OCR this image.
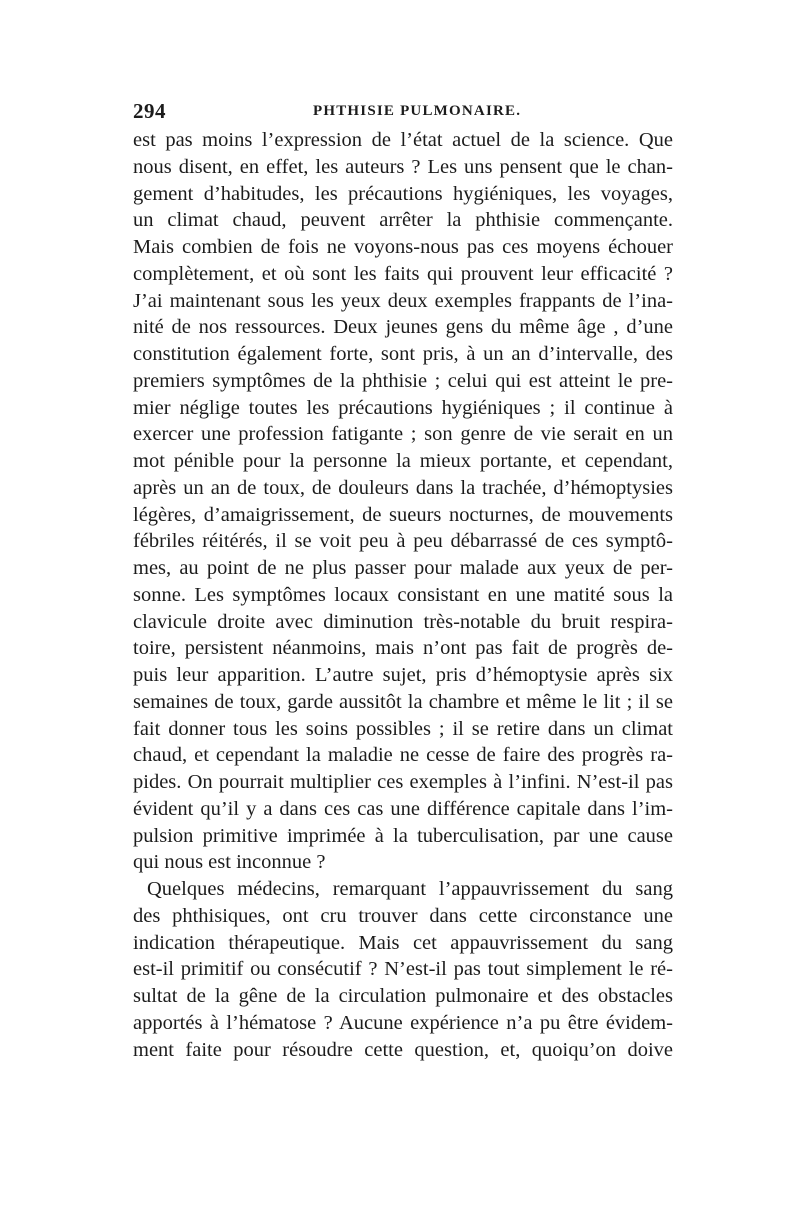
294	PHTHISIE PULMONAIRE.
est pas moins l’expression de l’état actuel de la science. Que
nous disent, en effet, les auteurs ? Les uns pensent que le chan-
gement d’habitudes, les précautions hygiéniques, les voyages,
un climat chaud, peuvent arrêter la phthisie commençante.
Mais combien de fois ne voyons-nous pas ces moyens échouer
complètement, et où sont les faits qui prouvent leur efficacité ?
J’ai maintenant sous les yeux deux exemples frappants de l’ina-
nité de nos ressources. Deux jeunes gens du même âge , d’une
constitution également forte, sont pris, à un an d’intervalle, des
premiers symptômes de la phthisie ; celui qui est atteint le pre-
mier néglige toutes les précautions hygiéniques ; il continue à
exercer une profession fatigante ; son genre de vie serait en un
mot pénible pour la personne la mieux portante, et cependant,
après un an de toux, de douleurs dans la trachée, d’hémoptysies
légères, d’amaigrissement, de sueurs nocturnes, de mouvements
fébriles réitérés, il se voit peu à peu débarrassé de ces symptô-
mes, au point de ne plus passer pour malade aux yeux de per-
sonne. Les symptômes locaux consistant en une matité sous la
clavicule droite avec diminution très-notable du bruit respira-
toire, persistent néanmoins, mais n’ont pas fait de progrès de-
puis leur apparition. L’autre sujet, pris d’hémoptysie après six
semaines de toux, garde aussitôt la chambre et même le lit ; il se
fait donner tous les soins possibles ; il se retire dans un climat
chaud, et cependant la maladie ne cesse de faire des progrès ra-
pides. On pourrait multiplier ces exemples à l’infini. N’est-il pas
évident qu’il y a dans ces cas une différence capitale dans l’im-
pulsion primitive imprimée à la tuberculisation, par une cause
qui nous est inconnue ?
Quelques médecins, remarquant l’appauvrissement du sang
des phthisiques, ont cru trouver dans cette circonstance une
indication thérapeutique. Mais cet appauvrissement du sang
est-il primitif ou consécutif ? N’est-il pas tout simplement le ré-
sultat de la gêne de la circulation pulmonaire et des obstacles
apportés à l’hématose ? Aucune expérience n’a pu être évidem-
ment faite pour résoudre cette question, et, quoiqu’on doive
